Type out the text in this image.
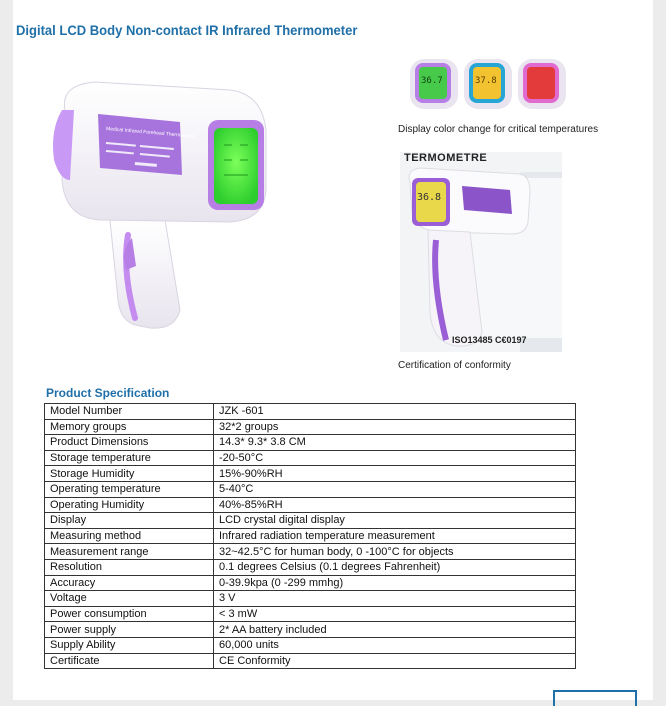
Digital LCD Body Non-contact IR Infrared Thermometer
Medical Infrared Forehead Thermometer
36.7	37.8
Display color change for critical temperatures
TERMOMETRE
36.8
ISO13485 C€0197
Certification of conformity
Product Specification
Model Number	JZK -601
Memory groups	32*2 groups
Product Dimensions	14.3* 9.3* 3.8 CM
Storage temperature	-20-50°C
Storage Humidity	15%-90%RH
Operating temperature	5-40°C
Operating Humidity	40%-85%RH
Display	LCD crystal digital display
Measuring method	Infrared radiation temperature measurement
Measurement range	32~42.5°C for human body, 0 -100°C for objects
Resolution	0.1 degrees Celsius (0.1 degrees Fahrenheit)
Accuracy	0-39.9kpa (0 -299 mmhg)
Voltage	3 V
Power consumption	< 3 mW
Power supply	2* AA battery included
Supply Ability	60,000 units
Certificate	CE Conformity
